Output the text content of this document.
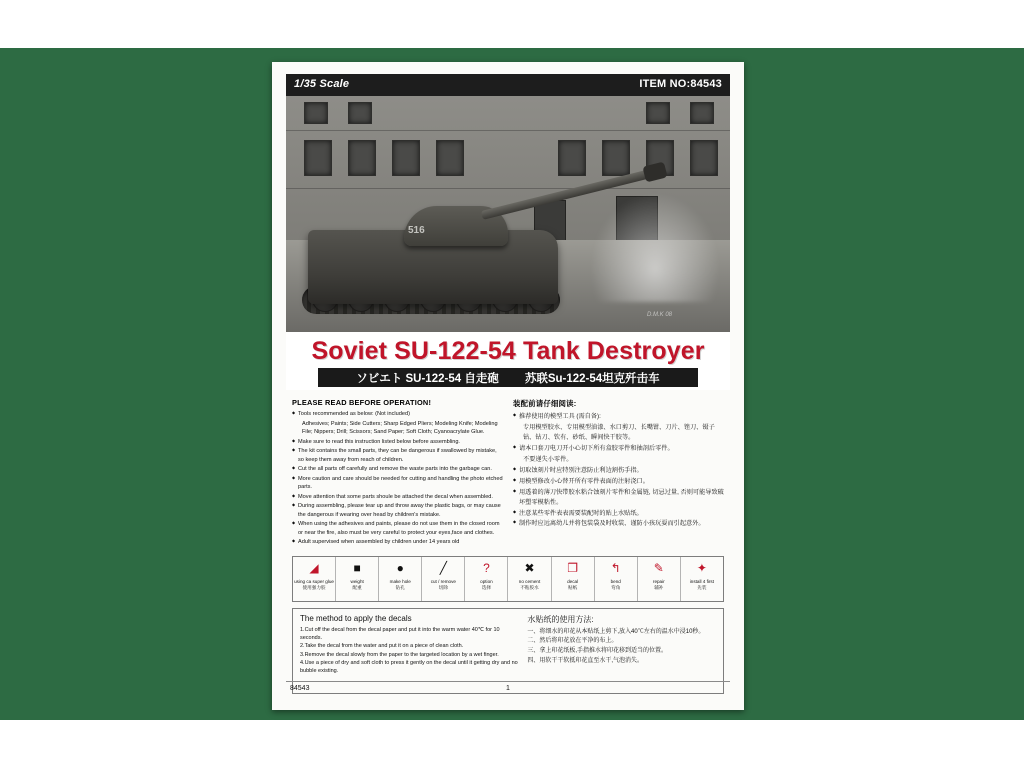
1/35 Scale	ITEM NO:84543
516
D.M.K 08
Soviet SU-122-54 Tank Destroyer
ソビエト SU-122-54 自走砲 苏联Su-122-54坦克歼击车
PLEASE READ BEFORE OPERATION!
◆ Tools recommended as below: (Not included)
Adhesives; Paints; Side Cutters; Sharp Edged Pliers; Modeling Knife; Modeling File; Nippers; Drill; Scissors; Sand Paper; Soft Cloth; Cyanoacrylate Glue.
◆ Make sure to read this instruction listed below before assembling.
◆ The kit contains the small parts, they can be dangerous if swallowed by mistake, so keep them away from reach of children.
◆ Cut the all parts off carefully and remove the waste parts into the garbage can.
◆ More caution and care should be needed for cutting and handling the photo etched parts.
◆ Move attention that some parts shoule be attached the decal when assembled.
◆ During assembling, please tear up and throw away the plastic bags, or may cause the dangerous if wearing over head by children's mistake.
◆ When using the adhesives and paints, please do not use them in the closed room or near the fire, also must be very careful to protect your eyes,face and clothes.
◆ Adult supervised when assembled by children under 14 years old
装配前请仔细阅读:
◆ 推荐使用的模型工具 (需自备):
专用模型胶水、专用模型油漆、水口剪刀、长嘴钳、刀片、锉刀、镊子钻、钻刀、钦有、砂纸、瞬间快干胶等。
◆ 请本口套刀电刀开小心切下所有盒胶零件和抽剖后零件。
不要递失小零件。
◆ 切取蚀刻片时应特别注意防止利边割伤手指。
◆ 用模型修改小心替开所有零件表面的注射浇口。
◆ 用透着的薄刀快带胶水粘合蚀刻片零件和金属链, 切忌过量, 否则可能导致破坏塑零模粘性。
◆ 注意某些零件表表需要装配时的贴上水贴纸。
◆ 制作时应远离幼儿并将包装袋及时收装、谨防小孩玩耍而引起意外。
◢
using ca super glue
使用强力胶
■
weight
配重
●
make hole
钻孔
╱
cut / remove
切除
?
option
选择
✖
no cement
不粘胶水
❐
decal
贴纸
↰
bend
弯角
✎
repair
辅补
✦
install 4 first
先装
The method to apply the decals

1.Cut off the decal from the decal paper and put it into the warm water 40℃ for 10 seconds.

2.Take the decal from the water and put it on a piece of clean cloth.

3.Remove the decal slowly from the paper to the targeted location by a wet finger.

4.Use a piece of dry and soft cloth to press it gently on the decal until it getting dry and no bubble existing.

水贴纸的使用方法:

一、将细水的印花从本贴纸上剪下,放入40℃左右的温水中浸10秒。

二、然后将印花放在平净的布上。

三、拿上印花纸板,手指推水将印花移到适当的位置。

四、用软干干软抵印花直至水干,气泡消失。

84543	1
